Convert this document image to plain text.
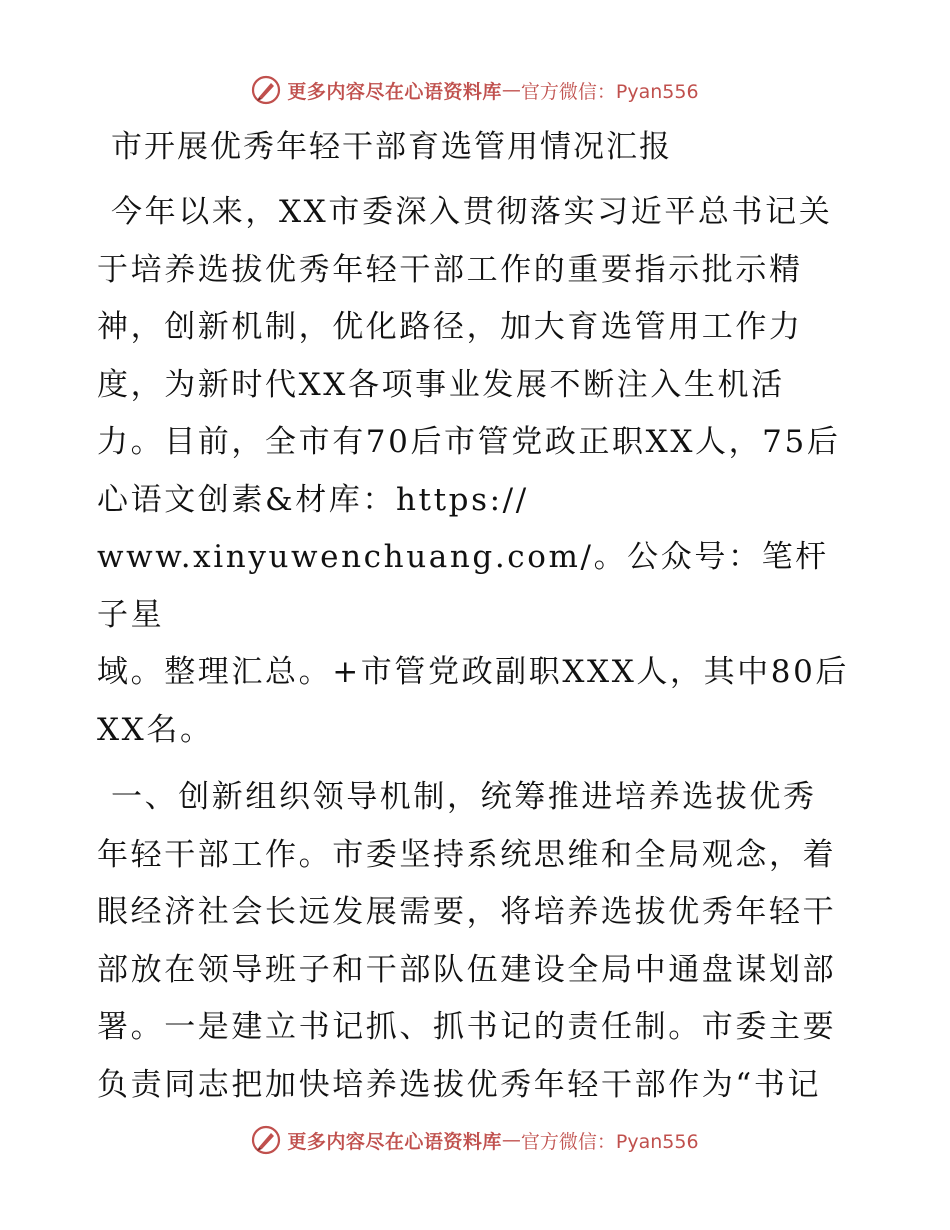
更多内容尽在心语资料库 — 官方微信：Pyan556
市开展优秀年轻干部育选管用情况汇报
今年以来，XX市委深入贯彻落实习近平总书记关
于培养选拔优秀年轻干部工作的重要指示批示精
神，创新机制，优化路径，加大育选管用工作力
度，为新时代XX各项事业发展不断注入生机活
力。目前，全市有70后市管党政正职XX人，75后
心语文创素&材库：https://
www.xinyuwenchuang.com/。公众号：笔杆子星
域。整理汇总。+市管党政副职XXX人，其中80后
XX名。
一、创新组织领导机制，统筹推进培养选拔优秀
年轻干部工作。市委坚持系统思维和全局观念，着
眼经济社会长远发展需要，将培养选拔优秀年轻干
部放在领导班子和干部队伍建设全局中通盘谋划部
署。一是建立书记抓、抓书记的责任制。市委主要
负责同志把加快培养选拔优秀年轻干部作为“书记
更多内容尽在心语资料库 — 官方微信：Pyan556
